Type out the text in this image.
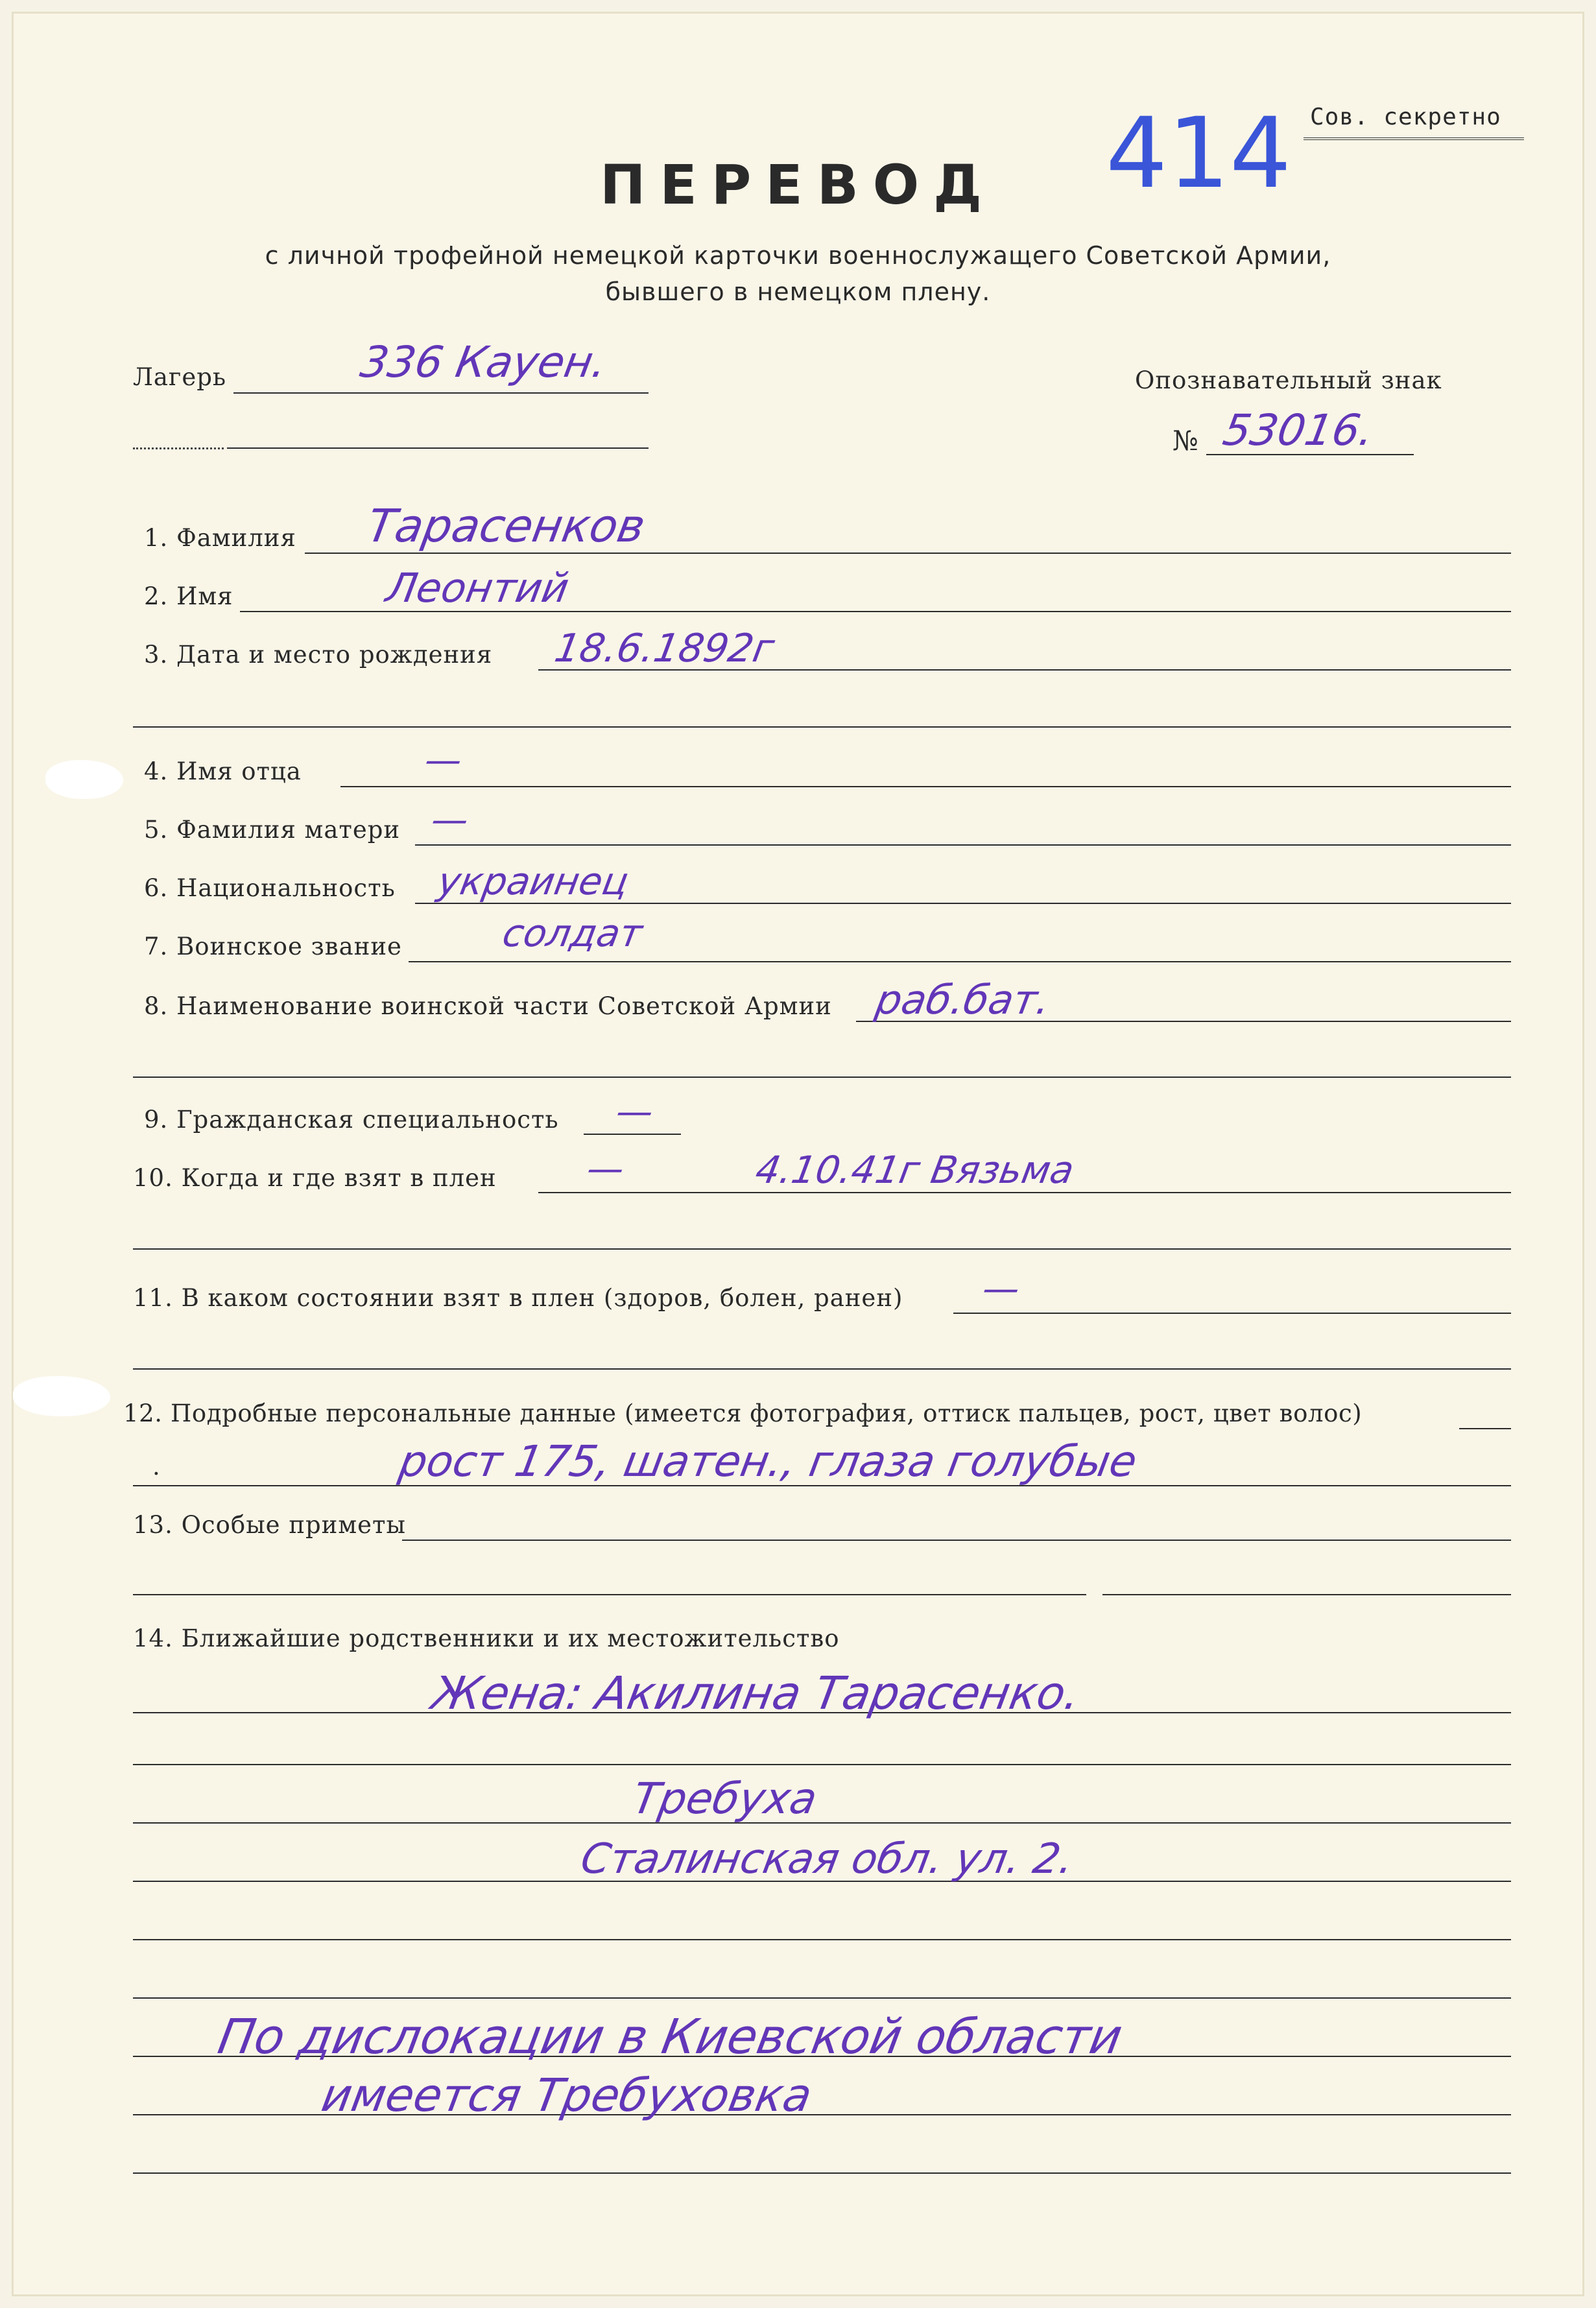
Сов. секретно
414
ПЕРЕВОД
с личной трофейной немецкой карточки военнослужащего Советской Армии,
бывшего в немецком плену.
Лагерь	336 Кауен.	Опознавательный знак
№ 53016.
1. Фамилия Тарасенков
2. Имя	Леонтий
3. Дата и место рождения 18.6.1892г
4. Имя отца	—
5. Фамилия матери —
6. Национальность украинец
7. Воинское звание	солдат
8. Наименование воинской части Советской Армии раб.бат.
9. Гражданская специальность —
10. Когда и где взят в плен —	4.10.41г Вязьма
11. В каком состоянии взят в плен (здоров, болен, ранен) —
12. Подробные персональные данные (имеется фотография, оттиск пальцев, рост, цвет волос)
.	рост 175, шатен., глаза голубые
13. Особые приметы
14. Ближайшие родственники и их местожительство
Жена: Акилина Тарасенко.
Требуха
Сталинская обл. ул. 2.
По дислокации в Киевской области
имеется Требуховка
